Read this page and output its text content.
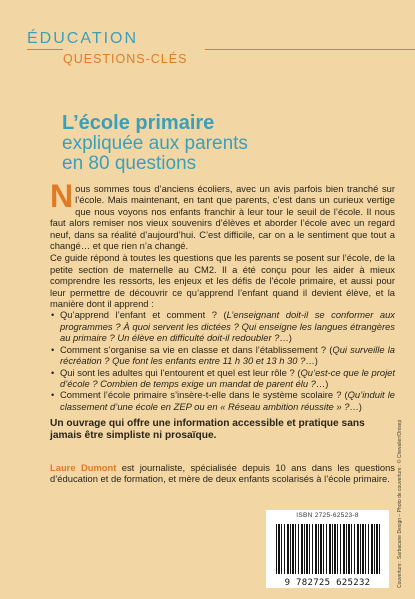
ÉDUCATION
QUESTIONS-CLÉS
L’école primaire
expliquée aux parents
en 80 questions

Nous sommes tous d’anciens écoliers, avec un avis parfois bien tranché sur l’école. Mais maintenant, en tant que parents, c’est dans un curieux vertige que nous voyons nos enfants franchir à leur tour le seuil de l’école. Il nous faut alors remiser nos vieux souvenirs d’élèves et aborder l’école avec un regard neuf, dans sa réalité d’aujourd’hui. C’est difficile, car on a le sentiment que tout a changé… et que rien n’a changé.

Ce guide répond à toutes les questions que les parents se posent sur l’école, de la petite section de maternelle au CM2. Il a été conçu pour les aider à mieux comprendre les ressorts, les enjeux et les défis de l’école primaire, et aussi pour leur permettre de découvrir ce qu’apprend l’enfant quand il devient élève, et la manière dont il apprend :

• Qu’apprend l’enfant et comment ? (L’enseignant doit-il se conformer aux programmes ? À quoi servent les dictées ? Qui enseigne les langues étrangères au primaire ? Un élève en difficulté doit-il redoubler ?…)
• Comment s’organise sa vie en classe et dans l’établissement ? (Qui surveille la récréation ? Que font les enfants entre 11 h 30 et 13 h 30 ?…)
• Qui sont les adultes qui l’entourent et quel est leur rôle ? (Qu’est-ce que le projet d’école ? Combien de temps exige un mandat de parent élu ?…)
• Comment l’école primaire s’insère-t-elle dans le système scolaire ? (Qu’induit le classement d’une école en ZEP ou en « Réseau ambition réussite » ?…)
Un ouvrage qui offre une information accessible et pratique sans jamais être simpliste ni prosaïque.
Laure Dumont est journaliste, spécialisée depuis 10 ans dans les questions d’éducation et de formation, et mère de deux enfants scolarisés à l’école primaire.
ISBN 2725-62523-8
9 782725 625232	Couverture : Sarbacane Design – Photo de couverture : © Chevalier/Onisep
